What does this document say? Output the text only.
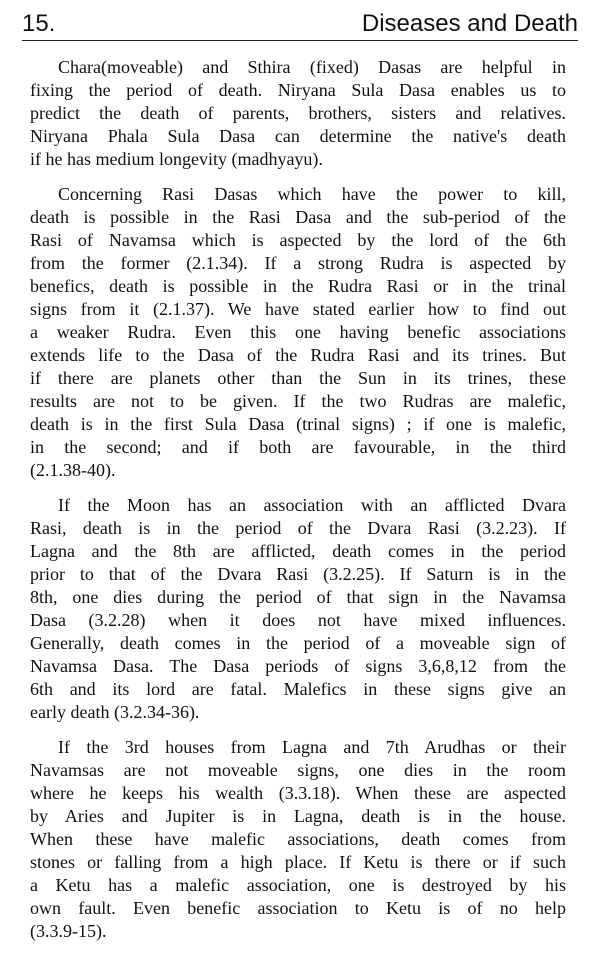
15.	Diseases and Death
Chara(moveable) and Sthira (fixed) Dasas are helpful in
fixing the period of death. Niryana Sula Dasa enables us to
predict the death of parents, brothers, sisters and relatives.
Niryana Phala Sula Dasa can determine the native's death
if he has medium longevity (madhyayu).
Concerning Rasi Dasas which have the power to kill,
death is possible in the Rasi Dasa and the sub-period of the
Rasi of Navamsa which is aspected by the lord of the 6th
from the former (2.1.34). If a strong Rudra is aspected by
benefics, death is possible in the Rudra Rasi or in the trinal
signs from it (2.1.37). We have stated earlier how to find out
a weaker Rudra. Even this one having benefic associations
extends life to the Dasa of the Rudra Rasi and its trines. But
if there are planets other than the Sun in its trines, these
results are not to be given. If the two Rudras are malefic,
death is in the first Sula Dasa (trinal signs) ; if one is malefic,
in the second; and if both are favourable, in the third
(2.1.38-40).
If the Moon has an association with an afflicted Dvara
Rasi, death is in the period of the Dvara Rasi (3.2.23). If
Lagna and the 8th are afflicted, death comes in the period
prior to that of the Dvara Rasi (3.2.25). If Saturn is in the
8th, one dies during the period of that sign in the Navamsa
Dasa (3.2.28) when it does not have mixed influences.
Generally, death comes in the period of a moveable sign of
Navamsa Dasa. The Dasa periods of signs 3,6,8,12 from the
6th and its lord are fatal. Malefics in these signs give an
early death (3.2.34-36).
If the 3rd houses from Lagna and 7th Arudhas or their
Navamsas are not moveable signs, one dies in the room
where he keeps his wealth (3.3.18). When these are aspected
by Aries and Jupiter is in Lagna, death is in the house.
When these have malefic associations, death comes from
stones or falling from a high place. If Ketu is there or if such
a Ketu has a malefic association, one is destroyed by his
own fault. Even benefic association to Ketu is of no help
(3.3.9-15).
